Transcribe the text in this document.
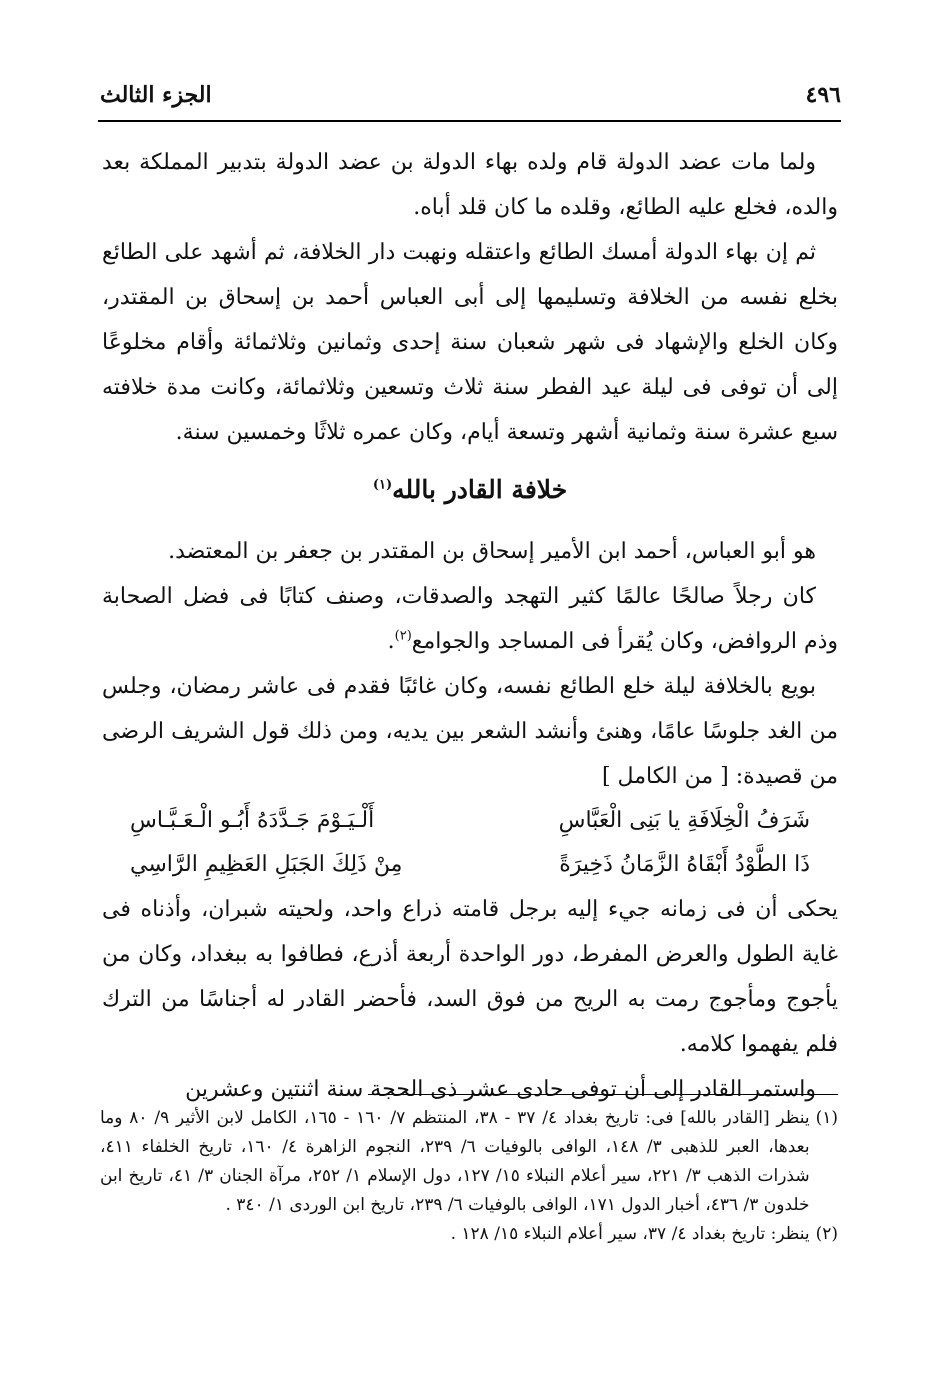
٤٩٦
الجزء الثالث

ولما مات عضد الدولة قام ولده بهاء الدولة بن عضد الدولة بتدبير المملكة بعد والده، فخلع عليه الطائع، وقلده ما كان قلد أباه.

ثم إن بهاء الدولة أمسك الطائع واعتقله ونهبت دار الخلافة، ثم أشهد على الطائع بخلع نفسه من الخلافة وتسليمها إلى أبى العباس أحمد بن إسحاق بن المقتدر، وكان الخلع والإشهاد فى شهر شعبان سنة إحدى وثمانين وثلاثمائة وأقام مخلوعًا إلى أن توفى فى ليلة عيد الفطر سنة ثلاث وتسعين وثلاثمائة، وكانت مدة خلافته سبع عشرة سنة وثمانية أشهر وتسعة أيام، وكان عمره ثلاثًا وخمسين سنة.

خلافة القادر بالله$^{(١)}$

هو أبو العباس، أحمد ابن الأمير إسحاق بن المقتدر بن جعفر بن المعتضد.

كان رجلاً صالحًا عالمًا كثير التهجد والصدقات، وصنف كتابًا فى فضل الصحابة وذم الروافض، وكان يُقرأ فى المساجد والجوامع$^{(٢)}$.

بويع بالخلافة ليلة خلع الطائع نفسه، وكان غائبًا فقدم فى عاشر رمضان، وجلس من الغد جلوسًا عامًا، وهنئ وأنشد الشعر بين يديه، ومن ذلك قول الشريف الرضى من قصيدة: [ من الكامل ]

شَرَفُ الْخِلَافَةِ يا بَنِى الْعَبَّاسِ
أَلْـيَـوْمَ جَـدَّدَهُ أَبُـو الْـعَـبَّـاسِ
ذَا الطَّوْدُ أَبْقَاهُ الزَّمَانُ ذَخِيرَةً
مِنْ ذَلِكَ الجَبَلِ العَظِيمِ الرَّاسِي

يحكى أن فى زمانه جيء إليه برجل قامته ذراع واحد، ولحيته شبران، وأذناه فى غاية الطول والعرض المفرط، دور الواحدة أربعة أذرع، فطافوا به ببغداد، وكان من يأجوج ومأجوج رمت به الريح من فوق السد، فأحضر القادر له أجناسًا من الترك فلم يفهموا كلامه.

واستمر القادر إلى أن توفى حادى عشر ذى الحجة سنة اثنتين وعشرين

(١)
ينظر [القادر بالله] فى: تاريخ بغداد ٤/ ٣٧ - ٣٨، المنتظم ٧/ ١٦٠ - ١٦٥، الكامل لابن الأثير ٩/ ٨٠ وما بعدها، العبر للذهبى ٣/ ١٤٨، الوافى بالوفيات ٦/ ٢٣٩، النجوم الزاهرة ٤/ ١٦٠، تاريخ الخلفاء ٤١١، شذرات الذهب ٣/ ٢٢١، سير أعلام النبلاء ١٥/ ١٢٧، دول الإسلام ١/ ٢٥٢، مرآة الجنان ٣/ ٤١، تاريخ ابن خلدون ٣/ ٤٣٦، أخبار الدول ١٧١، الوافى بالوفيات ٦/ ٢٣٩، تاريخ ابن الوردى ١/ ٣٤٠ .
(٢)
ينظر: تاريخ بغداد ٤/ ٣٧، سير أعلام النبلاء ١٥/ ١٢٨ .
